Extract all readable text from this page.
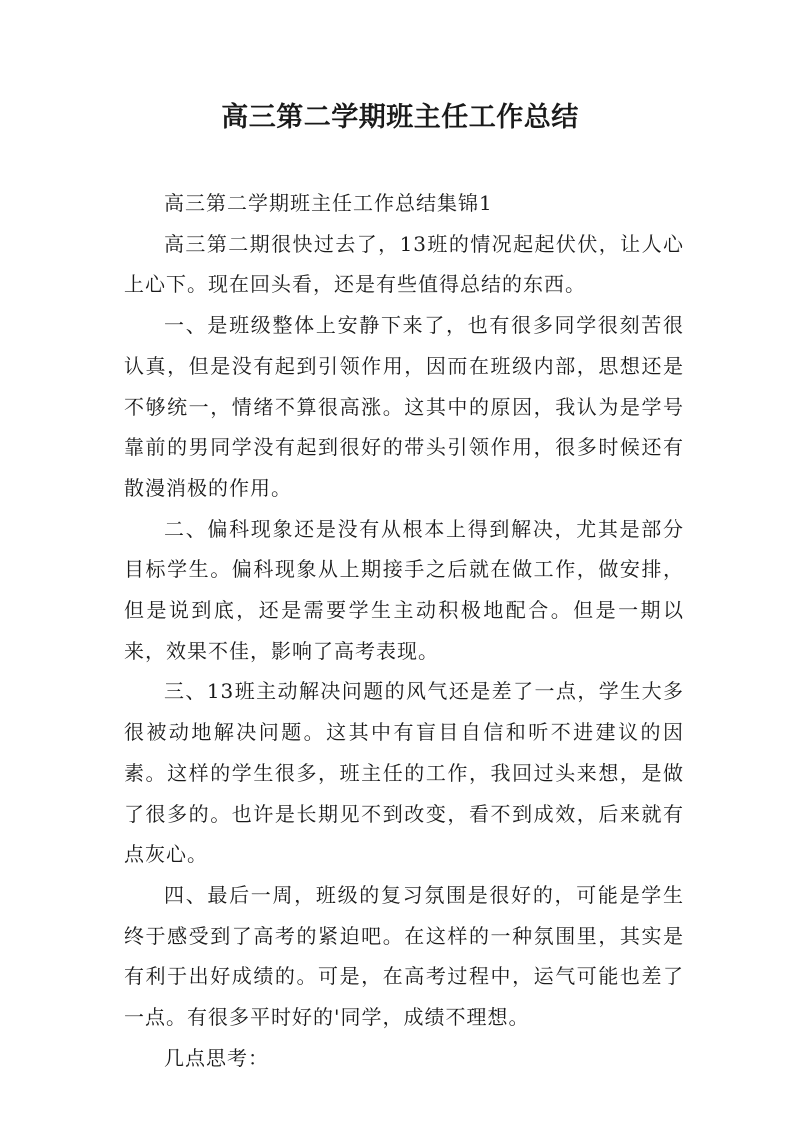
高三第二学期班主任工作总结

高三第二学期班主任工作总结集锦1

高三第二期很快过去了，13班的情况起起伏伏，让人心上心下。现在回头看，还是有些值得总结的东西。

一、是班级整体上安静下来了，也有很多同学很刻苦很认真，但是没有起到引领作用，因而在班级内部，思想还是不够统一，情绪不算很高涨。这其中的原因，我认为是学号靠前的男同学没有起到很好的带头引领作用，很多时候还有散漫消极的作用。

二、偏科现象还是没有从根本上得到解决，尤其是部分目标学生。偏科现象从上期接手之后就在做工作，做安排，但是说到底，还是需要学生主动积极地配合。但是一期以来，效果不佳，影响了高考表现。

三、13班主动解决问题的风气还是差了一点，学生大多很被动地解决问题。这其中有盲目自信和听不进建议的因素。这样的学生很多，班主任的工作，我回过头来想，是做了很多的。也许是长期见不到改变，看不到成效，后来就有点灰心。

四、最后一周，班级的复习氛围是很好的，可能是学生终于感受到了高考的紧迫吧。在这样的一种氛围里，其实是有利于出好成绩的。可是，在高考过程中，运气可能也差了一点。有很多平时好的'同学，成绩不理想。

几点思考：
